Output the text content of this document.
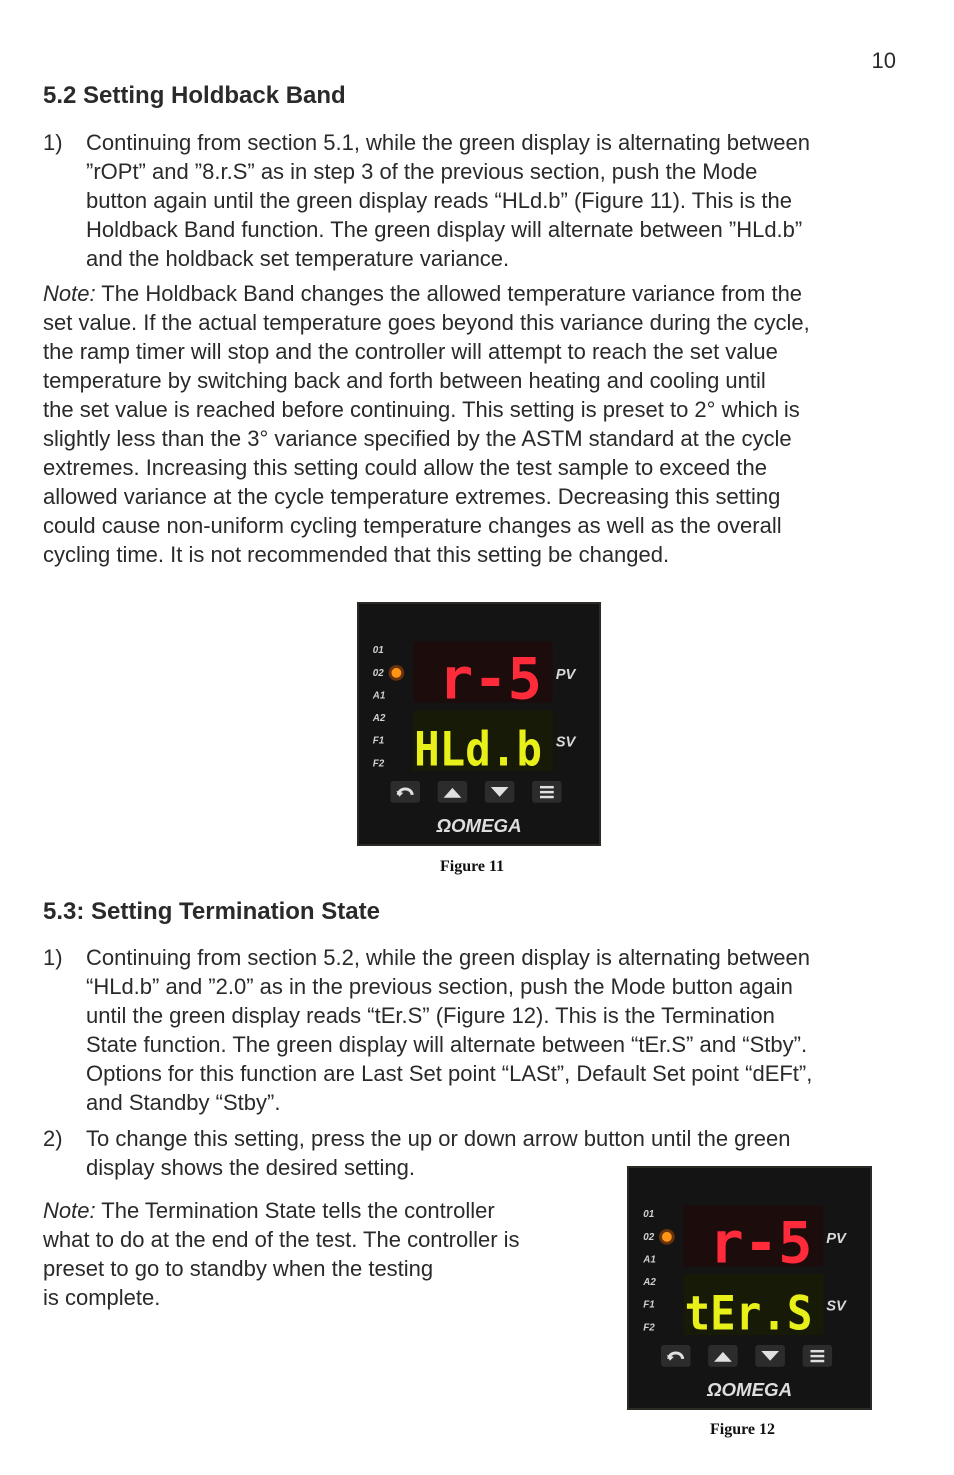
10
5.2 Setting Holdback Band
1) Continuing from section 5.1, while the green display is alternating between
”rOPt” and ”8.r.S” as in step 3 of the previous section, push the Mode
button again until the green display reads “HLd.b” (Figure 11). This is the
Holdback Band function. The green display will alternate between ”HLd.b”
and the holdback set temperature variance.
Note: The Holdback Band changes the allowed temperature variance from the
set value. If the actual temperature goes beyond this variance during the cycle,
the ramp timer will stop and the controller will attempt to reach the set value
temperature by switching back and forth between heating and cooling until
the set value is reached before continuing. This setting is preset to 2° which is
slightly less than the 3° variance specified by the ASTM standard at the cycle
extremes. Increasing this setting could allow the test sample to exceed the
allowed variance at the cycle temperature extremes. Decreasing this setting
could cause non-uniform cycling temperature changes as well as the overall
cycling time. It is not recommended that this setting be changed.
01
02
A1
A2
F1
F2
r-5
HLd.b
PV
SV
ΩOMEGA
Figure 11
5.3: Setting Termination State
1) Continuing from section 5.2, while the green display is alternating between
“HLd.b” and ”2.0” as in the previous section, push the Mode button again
until the green display reads “tEr.S” (Figure 12). This is the Termination
State function. The green display will alternate between “tEr.S” and “Stby”.
Options for this function are Last Set point “LASt”, Default Set point “dEFt”,
and Standby “Stby”.
2) To change this setting, press the up or down arrow button until the green
display shows the desired setting.
Note: The Termination State tells the controller
what to do at the end of the test. The controller is
preset to go to standby when the testing
is complete.
01
02
A1
A2
F1
F2
r-5
tEr.S
PV
SV
ΩOMEGA
Figure 12
